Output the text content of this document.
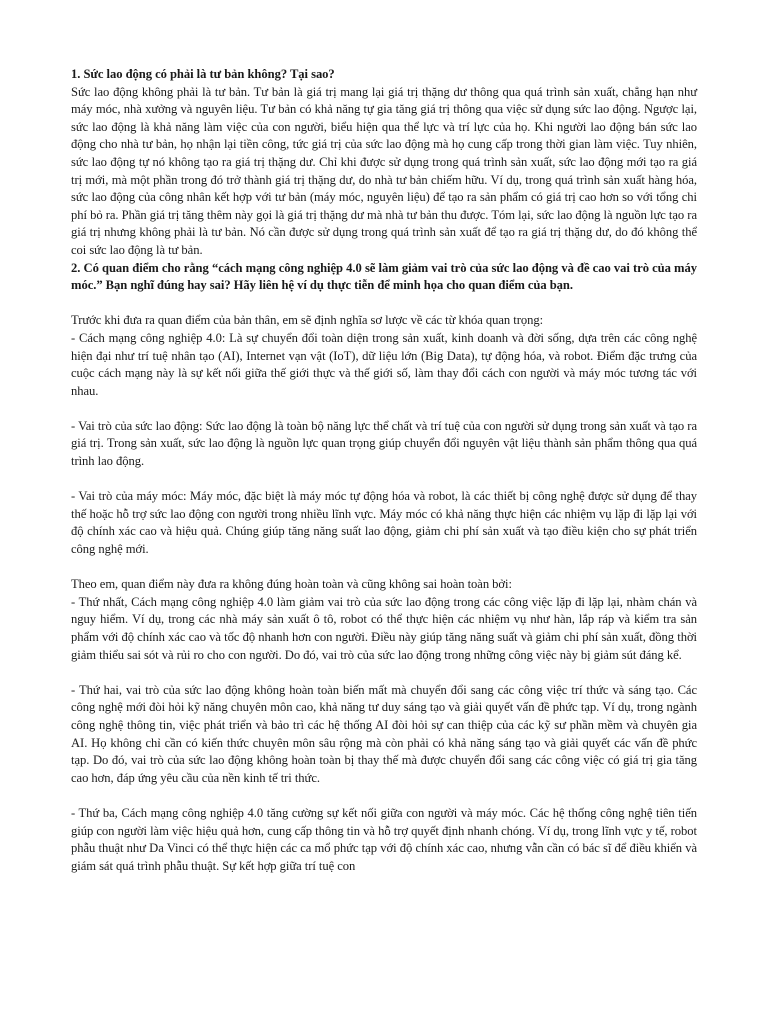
1. Sức lao động có phải là tư bản không? Tại sao?

Sức lao động không phải là tư bản. Tư bản là giá trị mang lại giá trị thặng dư thông qua quá trình sản xuất, chẳng hạn như máy móc, nhà xưởng và nguyên liệu. Tư bản có khả năng tự gia tăng giá trị thông qua việc sử dụng sức lao động. Ngược lại, sức lao động là khả năng làm việc của con người, biểu hiện qua thể lực và trí lực của họ. Khi người lao động bán sức lao động cho nhà tư bản, họ nhận lại tiền công, tức giá trị của sức lao động mà họ cung cấp trong thời gian làm việc. Tuy nhiên, sức lao động tự nó không tạo ra giá trị thặng dư. Chỉ khi được sử dụng trong quá trình sản xuất, sức lao động mới tạo ra giá trị mới, mà một phần trong đó trở thành giá trị thặng dư, do nhà tư bản chiếm hữu. Ví dụ, trong quá trình sản xuất hàng hóa, sức lao động của công nhân kết hợp với tư bản (máy móc, nguyên liệu) để tạo ra sản phẩm có giá trị cao hơn so với tổng chi phí bỏ ra. Phần giá trị tăng thêm này gọi là giá trị thặng dư mà nhà tư bản thu được. Tóm lại, sức lao động là nguồn lực tạo ra giá trị nhưng không phải là tư bản. Nó cần được sử dụng trong quá trình sản xuất để tạo ra giá trị thặng dư, do đó không thể coi sức lao động là tư bản.

2. Có quan điểm cho rằng “cách mạng công nghiệp 4.0 sẽ làm giảm vai trò của sức lao động và đề cao vai trò của máy móc.” Bạn nghĩ đúng hay sai? Hãy liên hệ ví dụ thực tiễn để minh họa cho quan điểm của bạn.

Trước khi đưa ra quan điểm của bản thân, em sẽ định nghĩa sơ lược về các từ khóa quan trọng:

- Cách mạng công nghiệp 4.0: Là sự chuyển đổi toàn diện trong sản xuất, kinh doanh và đời sống, dựa trên các công nghệ hiện đại như trí tuệ nhân tạo (AI), Internet vạn vật (IoT), dữ liệu lớn (Big Data), tự động hóa, và robot. Điểm đặc trưng của cuộc cách mạng này là sự kết nối giữa thế giới thực và thế giới số, làm thay đổi cách con người và máy móc tương tác với nhau.

- Vai trò của sức lao động: Sức lao động là toàn bộ năng lực thể chất và trí tuệ của con người sử dụng trong sản xuất và tạo ra giá trị. Trong sản xuất, sức lao động là nguồn lực quan trọng giúp chuyển đổi nguyên vật liệu thành sản phẩm thông qua quá trình lao động.

- Vai trò của máy móc: Máy móc, đặc biệt là máy móc tự động hóa và robot, là các thiết bị công nghệ được sử dụng để thay thế hoặc hỗ trợ sức lao động con người trong nhiều lĩnh vực. Máy móc có khả năng thực hiện các nhiệm vụ lặp đi lặp lại với độ chính xác cao và hiệu quả. Chúng giúp tăng năng suất lao động, giảm chi phí sản xuất và tạo điều kiện cho sự phát triển công nghệ mới.

Theo em, quan điểm này đưa ra không đúng hoàn toàn và cũng không sai hoàn toàn bởi:

- Thứ nhất, Cách mạng công nghiệp 4.0 làm giảm vai trò của sức lao động trong các công việc lặp đi lặp lại, nhàm chán và nguy hiểm. Ví dụ, trong các nhà máy sản xuất ô tô, robot có thể thực hiện các nhiệm vụ như hàn, lắp ráp và kiểm tra sản phẩm với độ chính xác cao và tốc độ nhanh hơn con người. Điều này giúp tăng năng suất và giảm chi phí sản xuất, đồng thời giảm thiểu sai sót và rủi ro cho con người. Do đó, vai trò của sức lao động trong những công việc này bị giảm sút đáng kể.

- Thứ hai, vai trò của sức lao động không hoàn toàn biến mất mà chuyển đổi sang các công việc trí thức và sáng tạo. Các công nghệ mới đòi hỏi kỹ năng chuyên môn cao, khả năng tư duy sáng tạo và giải quyết vấn đề phức tạp. Ví dụ, trong ngành công nghệ thông tin, việc phát triển và bảo trì các hệ thống AI đòi hỏi sự can thiệp của các kỹ sư phần mềm và chuyên gia AI. Họ không chỉ cần có kiến thức chuyên môn sâu rộng mà còn phải có khả năng sáng tạo và giải quyết các vấn đề phức tạp. Do đó, vai trò của sức lao động không hoàn toàn bị thay thế mà được chuyển đổi sang các công việc có giá trị gia tăng cao hơn, đáp ứng yêu cầu của nền kinh tế tri thức.

- Thứ ba, Cách mạng công nghiệp 4.0 tăng cường sự kết nối giữa con người và máy móc. Các hệ thống công nghệ tiên tiến giúp con người làm việc hiệu quả hơn, cung cấp thông tin và hỗ trợ quyết định nhanh chóng. Ví dụ, trong lĩnh vực y tế, robot phẫu thuật như Da Vinci có thể thực hiện các ca mổ phức tạp với độ chính xác cao, nhưng vẫn cần có bác sĩ để điều khiển và giám sát quá trình phẫu thuật. Sự kết hợp giữa trí tuệ con
